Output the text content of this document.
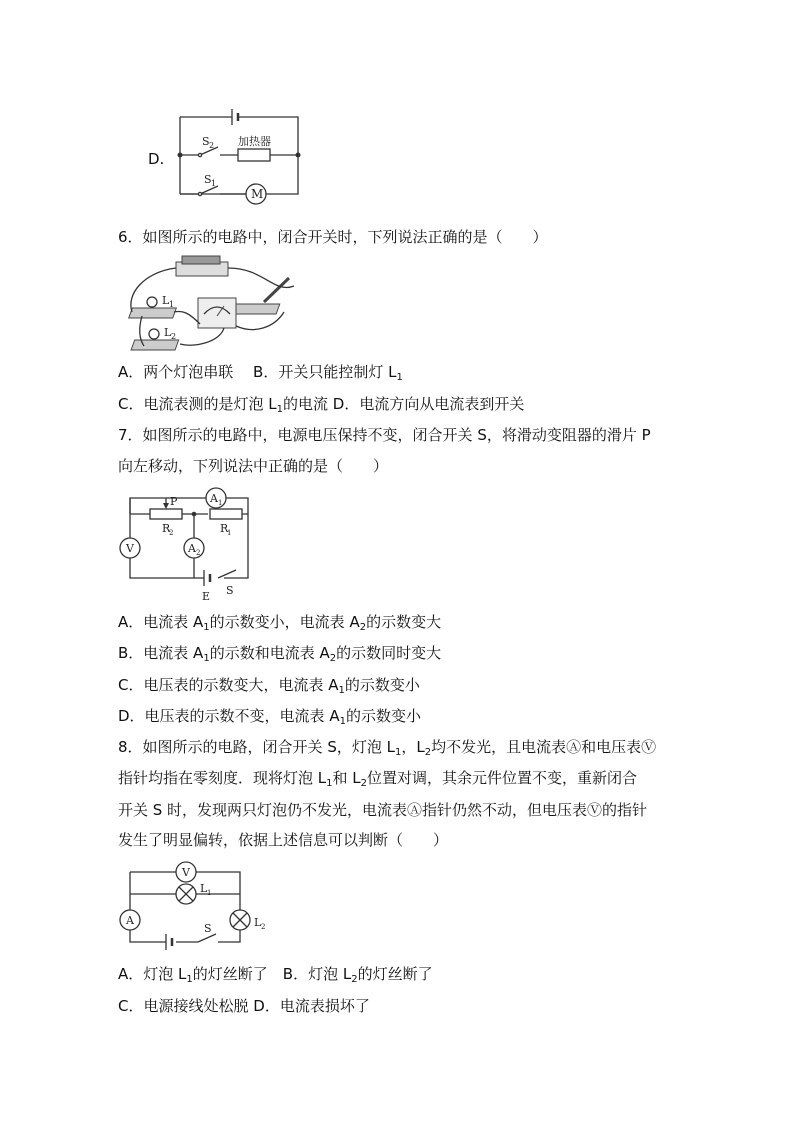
D.
S 2 加热器
M
S 1
6．如图所示的电路中，闭合开关时，下列说法正确的是（　　）
L 1
L 2
A．两个灯泡串联　 B．开关只能控制灯 $L_1$
C．电流表测的是灯泡 $L_1$的电流 D．电流方向从电流表到开关
7．如图所示的电路中，电源电压保持不变，闭合开关 S，将滑动变阻器的滑片 P
向左移动，下列说法中正确的是（　　）
A 1
P
R
2	R
1
A 2
V
E S
A．电流表 $A_1$的示数变小，电流表 $A_2$的示数变大
B．电流表 $A_1$的示数和电流表 $A_2$的示数同时变大
C．电压表的示数变大，电流表 $A_1$的示数变小
D．电压表的示数不变，电流表 $A_1$的示数变小
8．如图所示的电路，闭合开关 S，灯泡 $L_1$，$L_2$均不发光，且电流表Ⓐ和电压表Ⓥ
指针均指在零刻度．现将灯泡 $L_1$和 $L_2$位置对调，其余元件位置不变，重新闭合
开关 S 时，发现两只灯泡仍不发光，电流表Ⓐ指针仍然不动，但电压表Ⓥ的指针
发生了明显偏转，依据上述信息可以判断（　　）
V
L 1
A	L 2
S
A．灯泡 $L_1$的灯丝断了　 B．灯泡 $L_2$的灯丝断了
C．电源接线处松脱 D．电流表损坏了
